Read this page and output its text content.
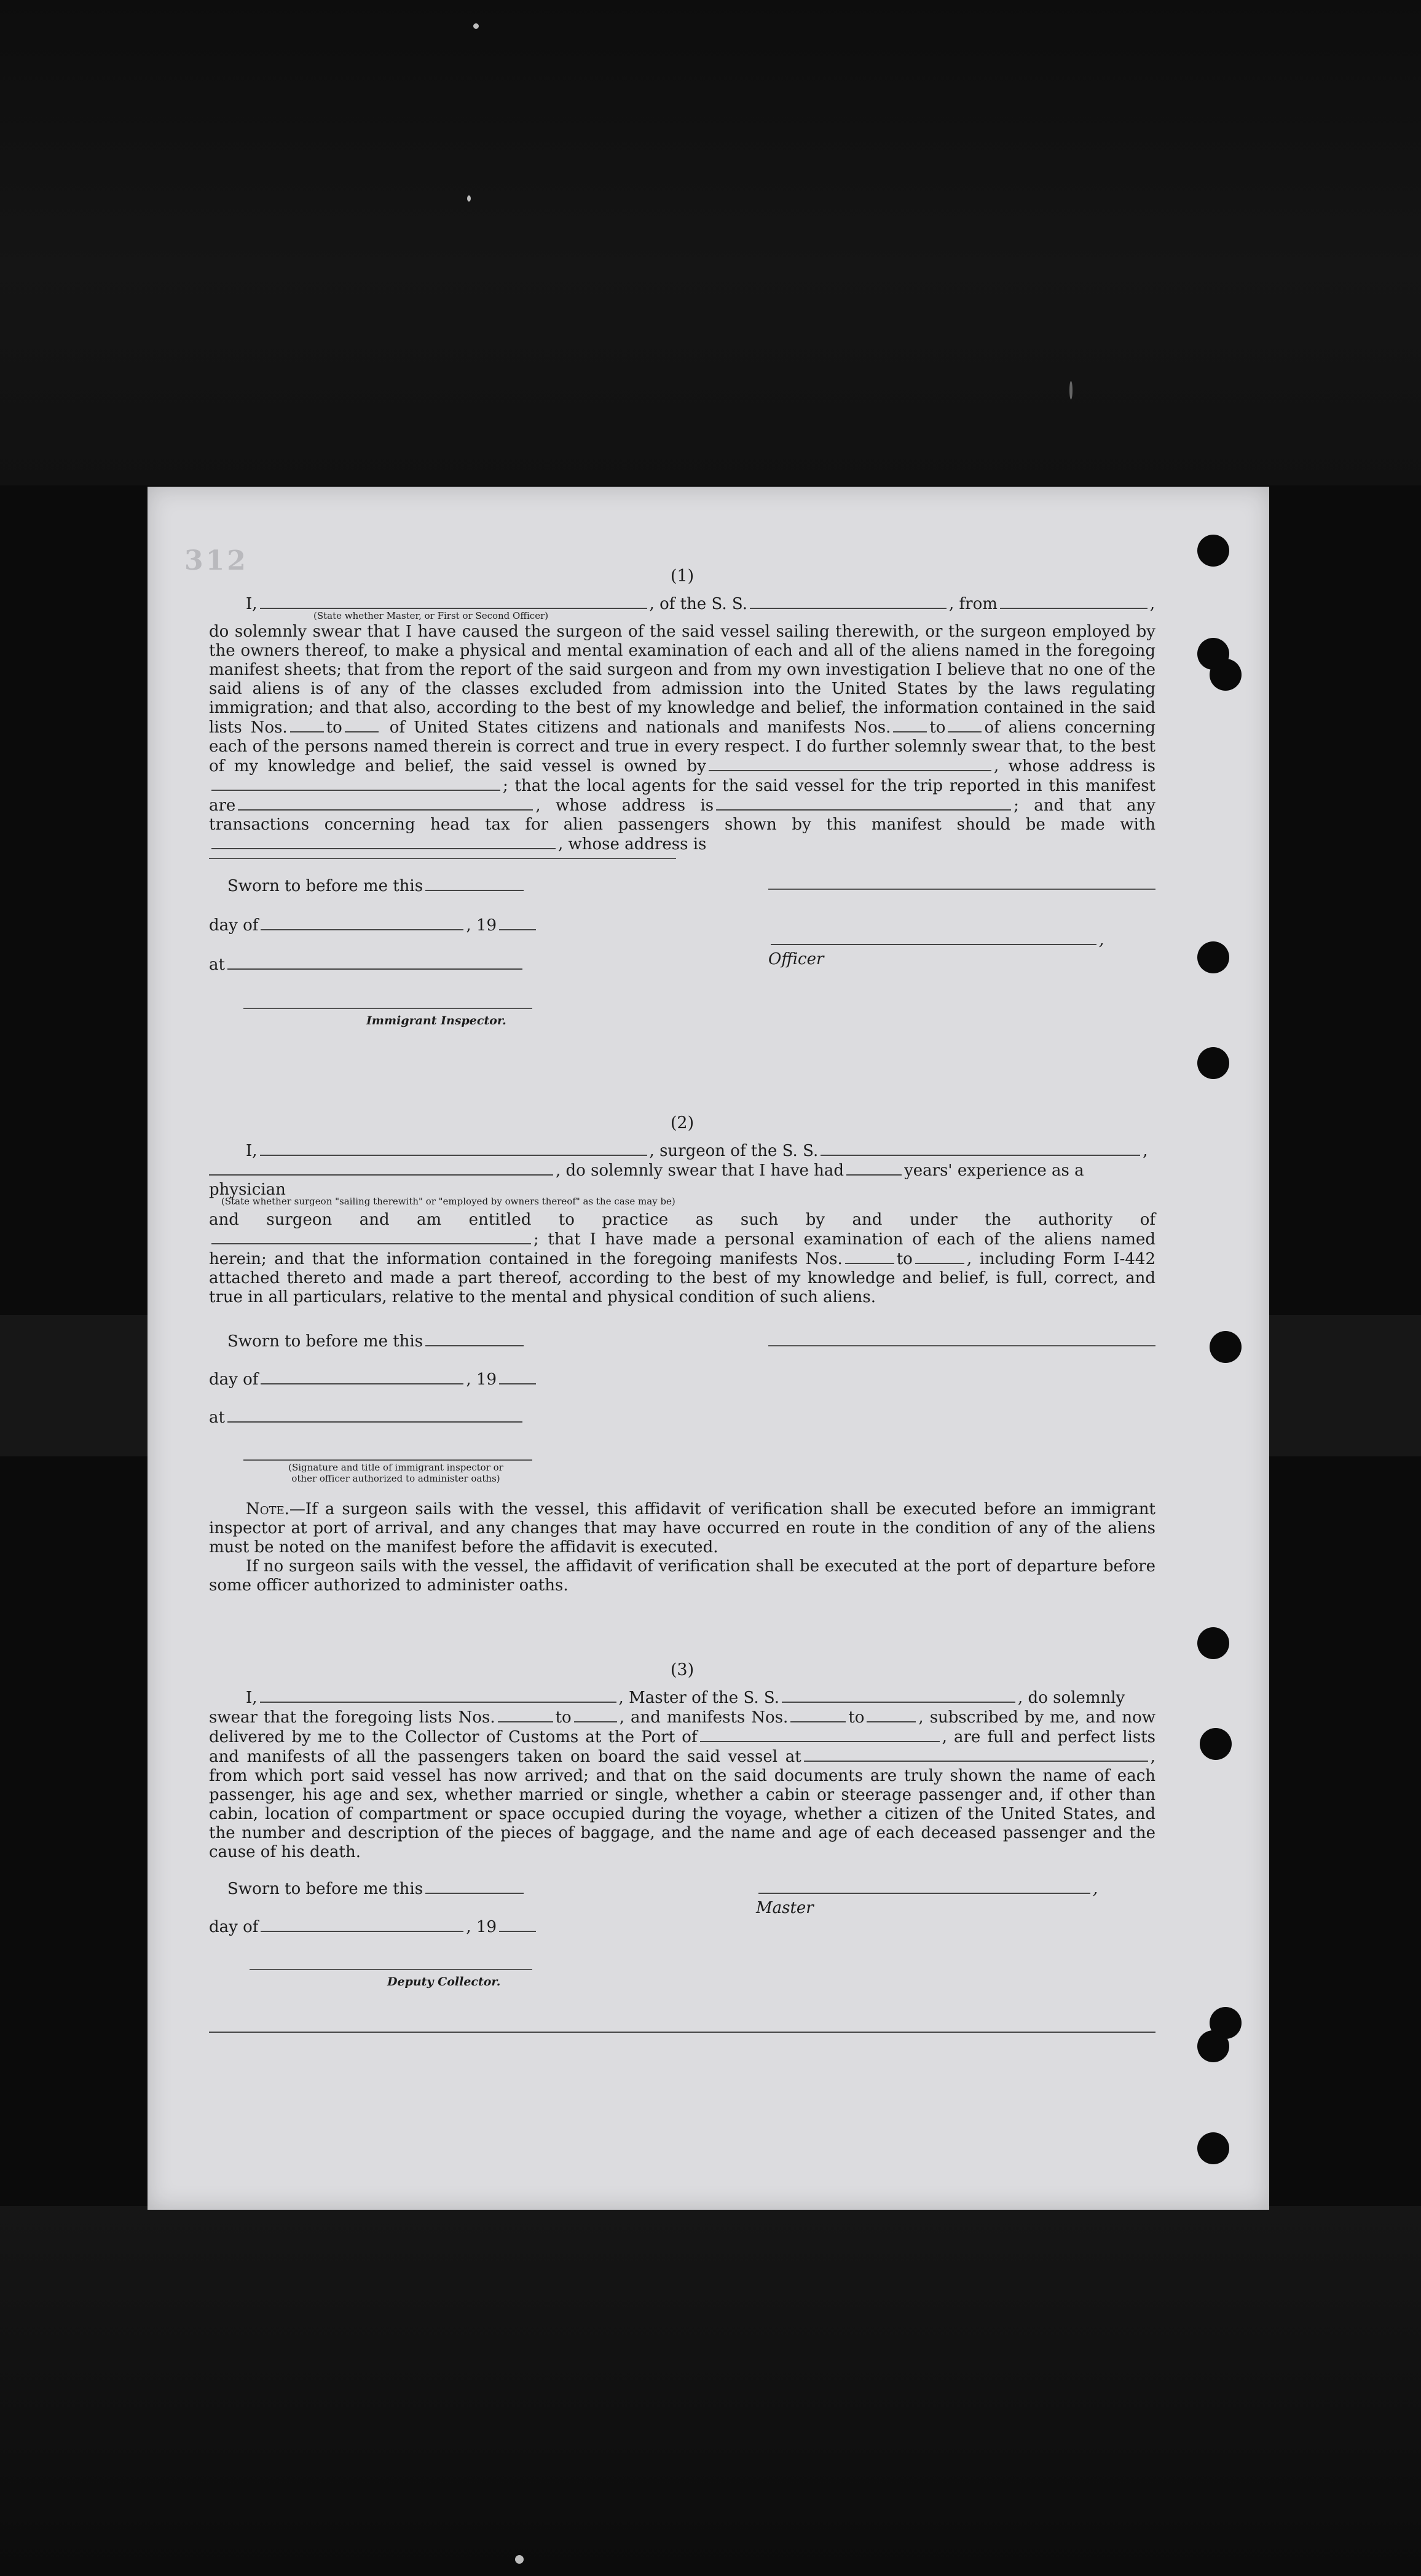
312	(1)
I,	, of the S. S.	, from	,
(State whether Master, or First or Second Officer)
do solemnly swear that I have caused the surgeon of the said vessel sailing therewith, or the surgeon employed by the owners thereof, to make a physical and mental examination of each and all of the aliens named in the foregoing manifest sheets; that from the report of the said surgeon and from my own investigation I believe that no one of the said aliens is of any of the classes excluded from admission into the United States by the laws regulating immigration; and that also, according to the best of my knowledge and belief, the information contained in the said lists Nos. to	of United States citizens and nationals and manifests Nos. to of aliens concerning each of the persons named therein is correct and true in every respect. I do further solemnly swear that, to the best of my knowledge and belief, the said vessel is owned by	, whose address is; that the local agents for the said vessel for the trip reported in this manifest are	, whose address is	; and that any transactions concerning head tax for alien passengers shown by this manifest should be made with, whose address is
Sworn to before me this
day of	, 19
, Officer
at
Immigrant Inspector.
(2)
I,	, surgeon of the S. S.	,
, do solemnly swear that I have had	years' experience as a physician
(State whether surgeon "sailing therewith" or "employed by owners thereof" as the case may be)
and surgeon and am entitled to practice as such by and under the authority of; that I have made a personal examination of each of the aliens named herein; and that the information contained in the foregoing manifests Nos.	to	, including Form I-442 attached thereto and made a part thereof, according to the best of my knowledge and belief, is full, correct, and true in all particulars, relative to the mental and physical condition of such aliens.
Sworn to before me this
day of	, 19
at
(Signature and title of immigrant inspector or
other officer authorized to administer oaths)
Note.—If a surgeon sails with the vessel, this affidavit of verification shall be executed before an immigrant inspector at port of arrival, and any changes that may have occurred en route in the condition of any of the aliens must be noted on the manifest before the affidavit is executed.
If no surgeon sails with the vessel, the affidavit of verification shall be executed at the port of departure before some officer authorized to administer oaths.
(3)
I,	, Master of the S. S.	, do solemnly
swear that the foregoing lists Nos.	to	, and manifests Nos.	to	, subscribed by me, and now delivered by me to the Collector of Customs at the Port of	, are full and perfect lists and manifests of all the passengers taken on board the said vessel at	, from which port said vessel has now arrived; and that on the said documents are truly shown the name of each passenger, his age and sex, whether married or single, whether a cabin or steerage passenger and, if other than cabin, location of compartment or space occupied during the voyage, whether a citizen of the United States, and the number and description of the pieces of baggage, and the name and age of each deceased passenger and the cause of his death.
Sworn to before me this	, Master
day of	, 19
Deputy Collector.
